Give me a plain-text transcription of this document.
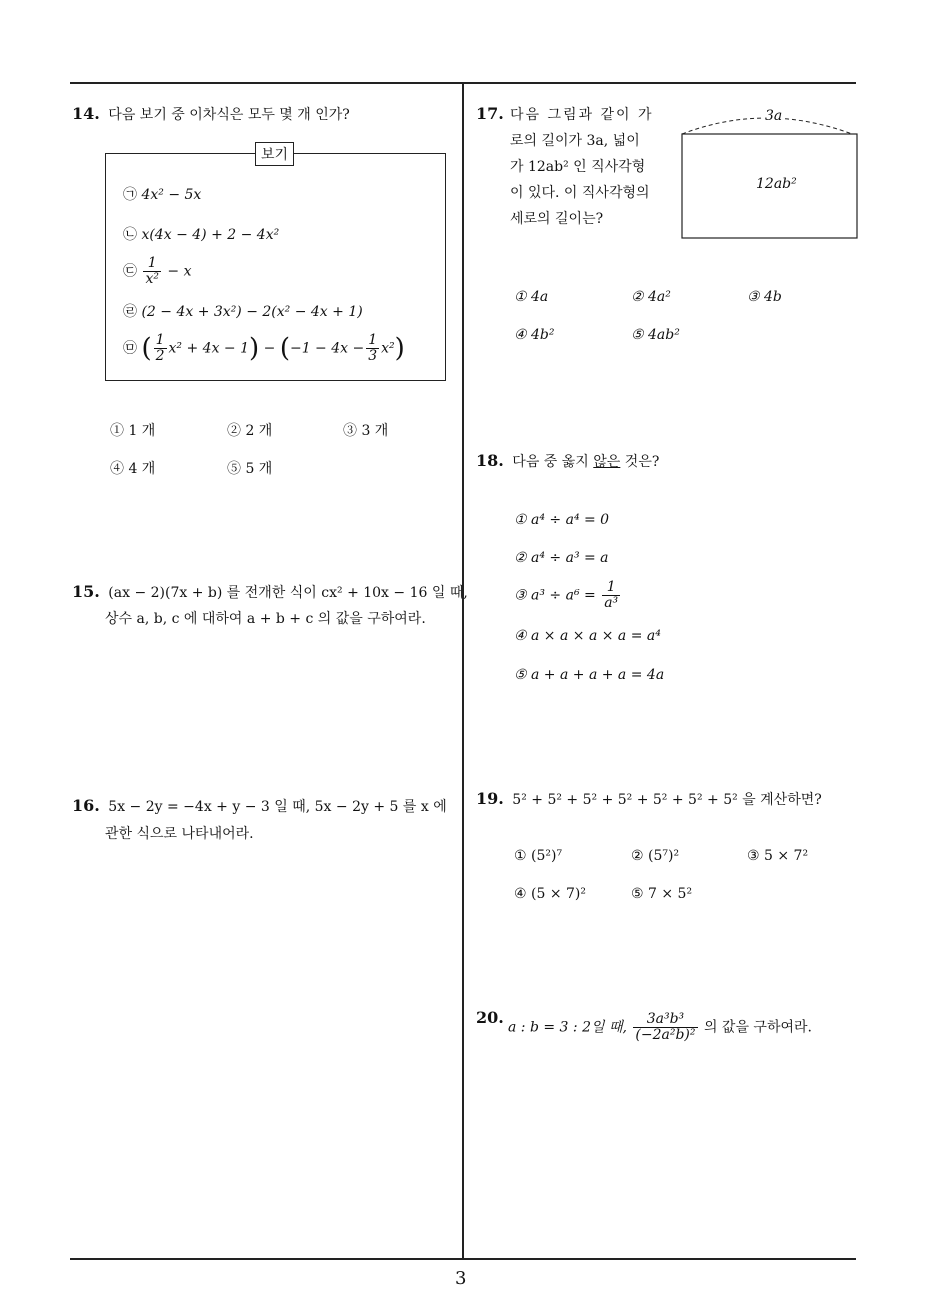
3
14. 다음 보기 중 이차식은 모두 몇 개 인가?
보기
㉠ 4x² − 5x
㉡ x(4x − 4) + 2 − 4x²
㉢ $\frac{1}{\text{x²}} - x$
㉣ (2 − 4x + 3x²) − 2(x² − 4x + 1)
㉤ ( $\frac{1}{2} x^2 + 4x - 1) - (-1 - 4x - \frac{1}{3} x^2)$
① 1 개	② 2 개	③ 3 개
④ 4 개	⑤ 5 개
15. (ax − 2)(7x + b) 를 전개한 식이 cx² + 10x − 16 일 때,
상수 a, b, c 에 대하여 a + b + c 의 값을 구하여라.
16. 5x − 2y = −4x + y − 3 일 때, 5x − 2y + 5 를 x 에
관한 식으로 나타내어라.
17. 다음 그림과 같이 가
로의 길이가 3a, 넓이
가 12ab² 인 직사각형
이 있다. 이 직사각형의
세로의 길이는?
3a
12ab²
① 4a	② 4a²	③ 4b
④ 4b²	⑤ 4ab²
18. 다음 중 옳지 않은 것은?
① a⁴ ÷ a⁴ = 0
② a⁴ ÷ a³ = a
③ $a^3 \div a^6 = \frac{1}{\text{a³}}$
④ a × a × a × a = a⁴
⑤ a + a + a + a = 4a
19. 5² + 5² + 5² + 5² + 5² + 5² + 5² 을 계산하면?
① (5²)⁷	② (5⁷)²	③ 5 × 7²
④ (5 × 7)²	⑤ 7 × 5²
20.
a : b = 3 : 2일 때, $\frac{\text{3a³b³}}{\text{(−2a²b)²}}$ 의 값을 구하여라.
